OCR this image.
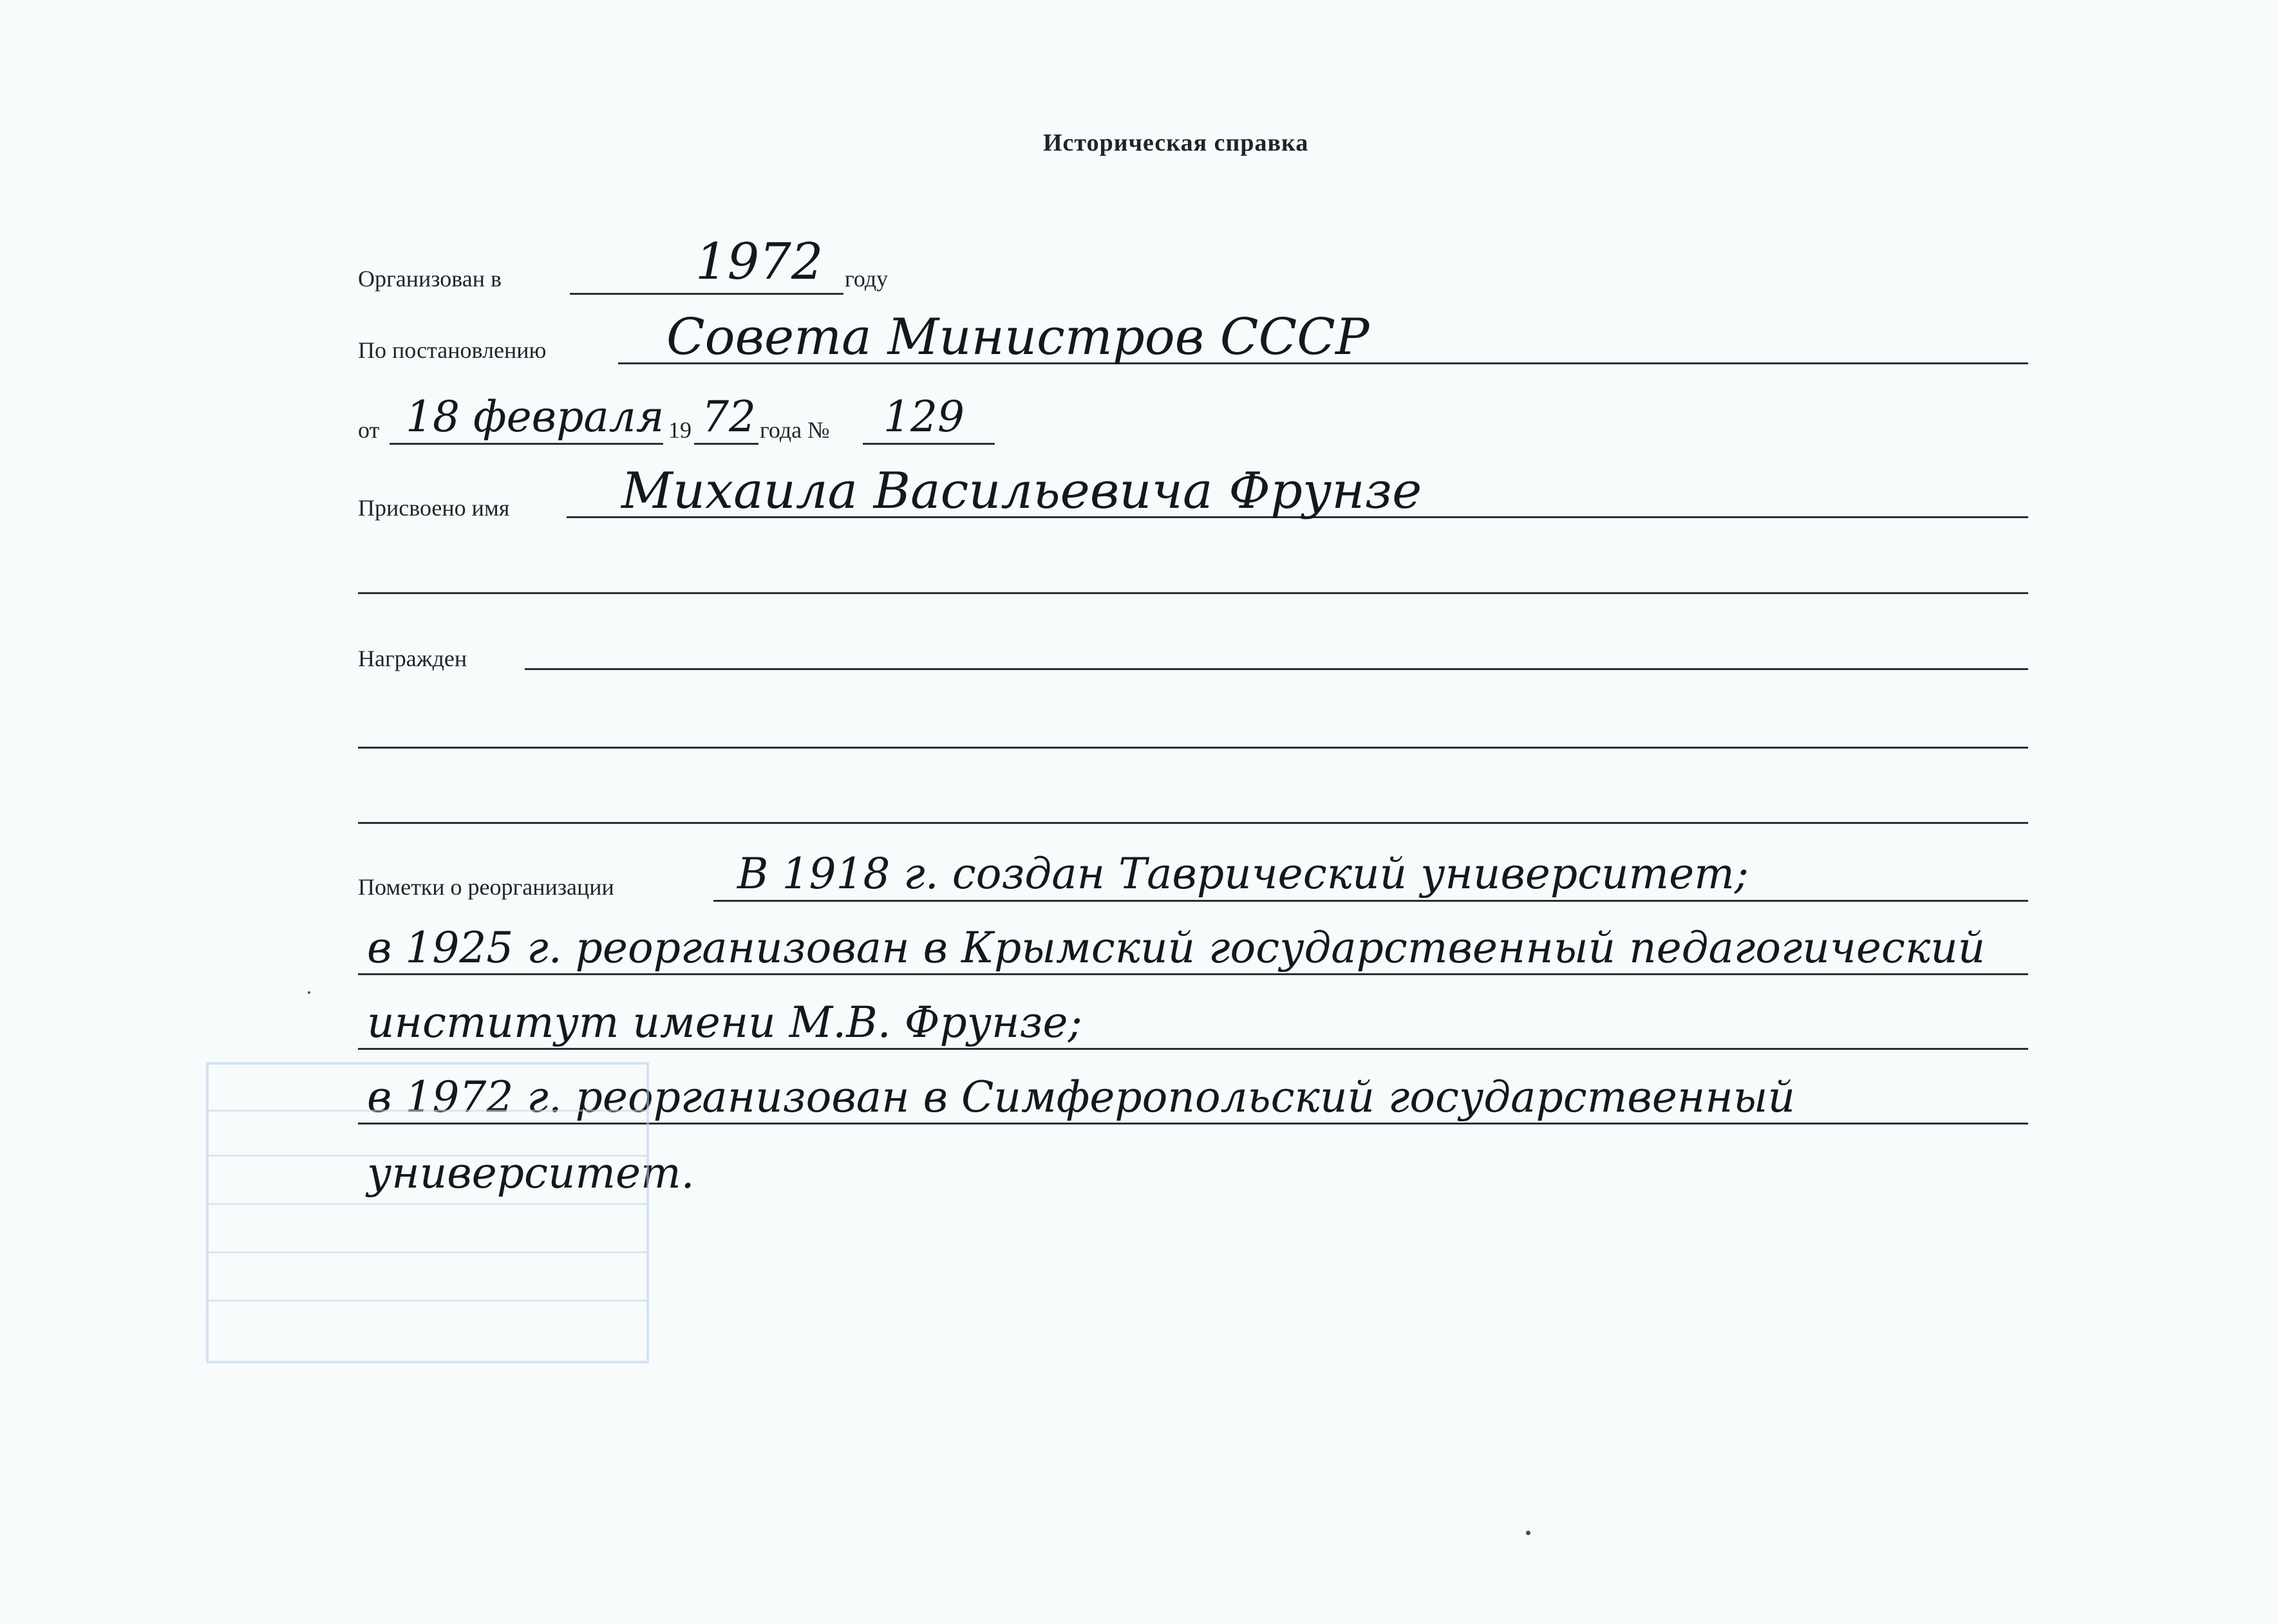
Историческая справка
Организован в	1972 году
По постановлению Совета Министров СССР
от 18 февраля 19 72 года № 129
Присвоено имя Михаила Васильевича Фрунзе
Награжден
Пометки о реорганизации	В 1918 г. создан Таврический университет;
в 1925 г. реорганизован в Крымский государственный педагогический
институт имени М.В. Фрунзе;
в 1972 г. реорганизован в Симферопольский государственный
университет.
